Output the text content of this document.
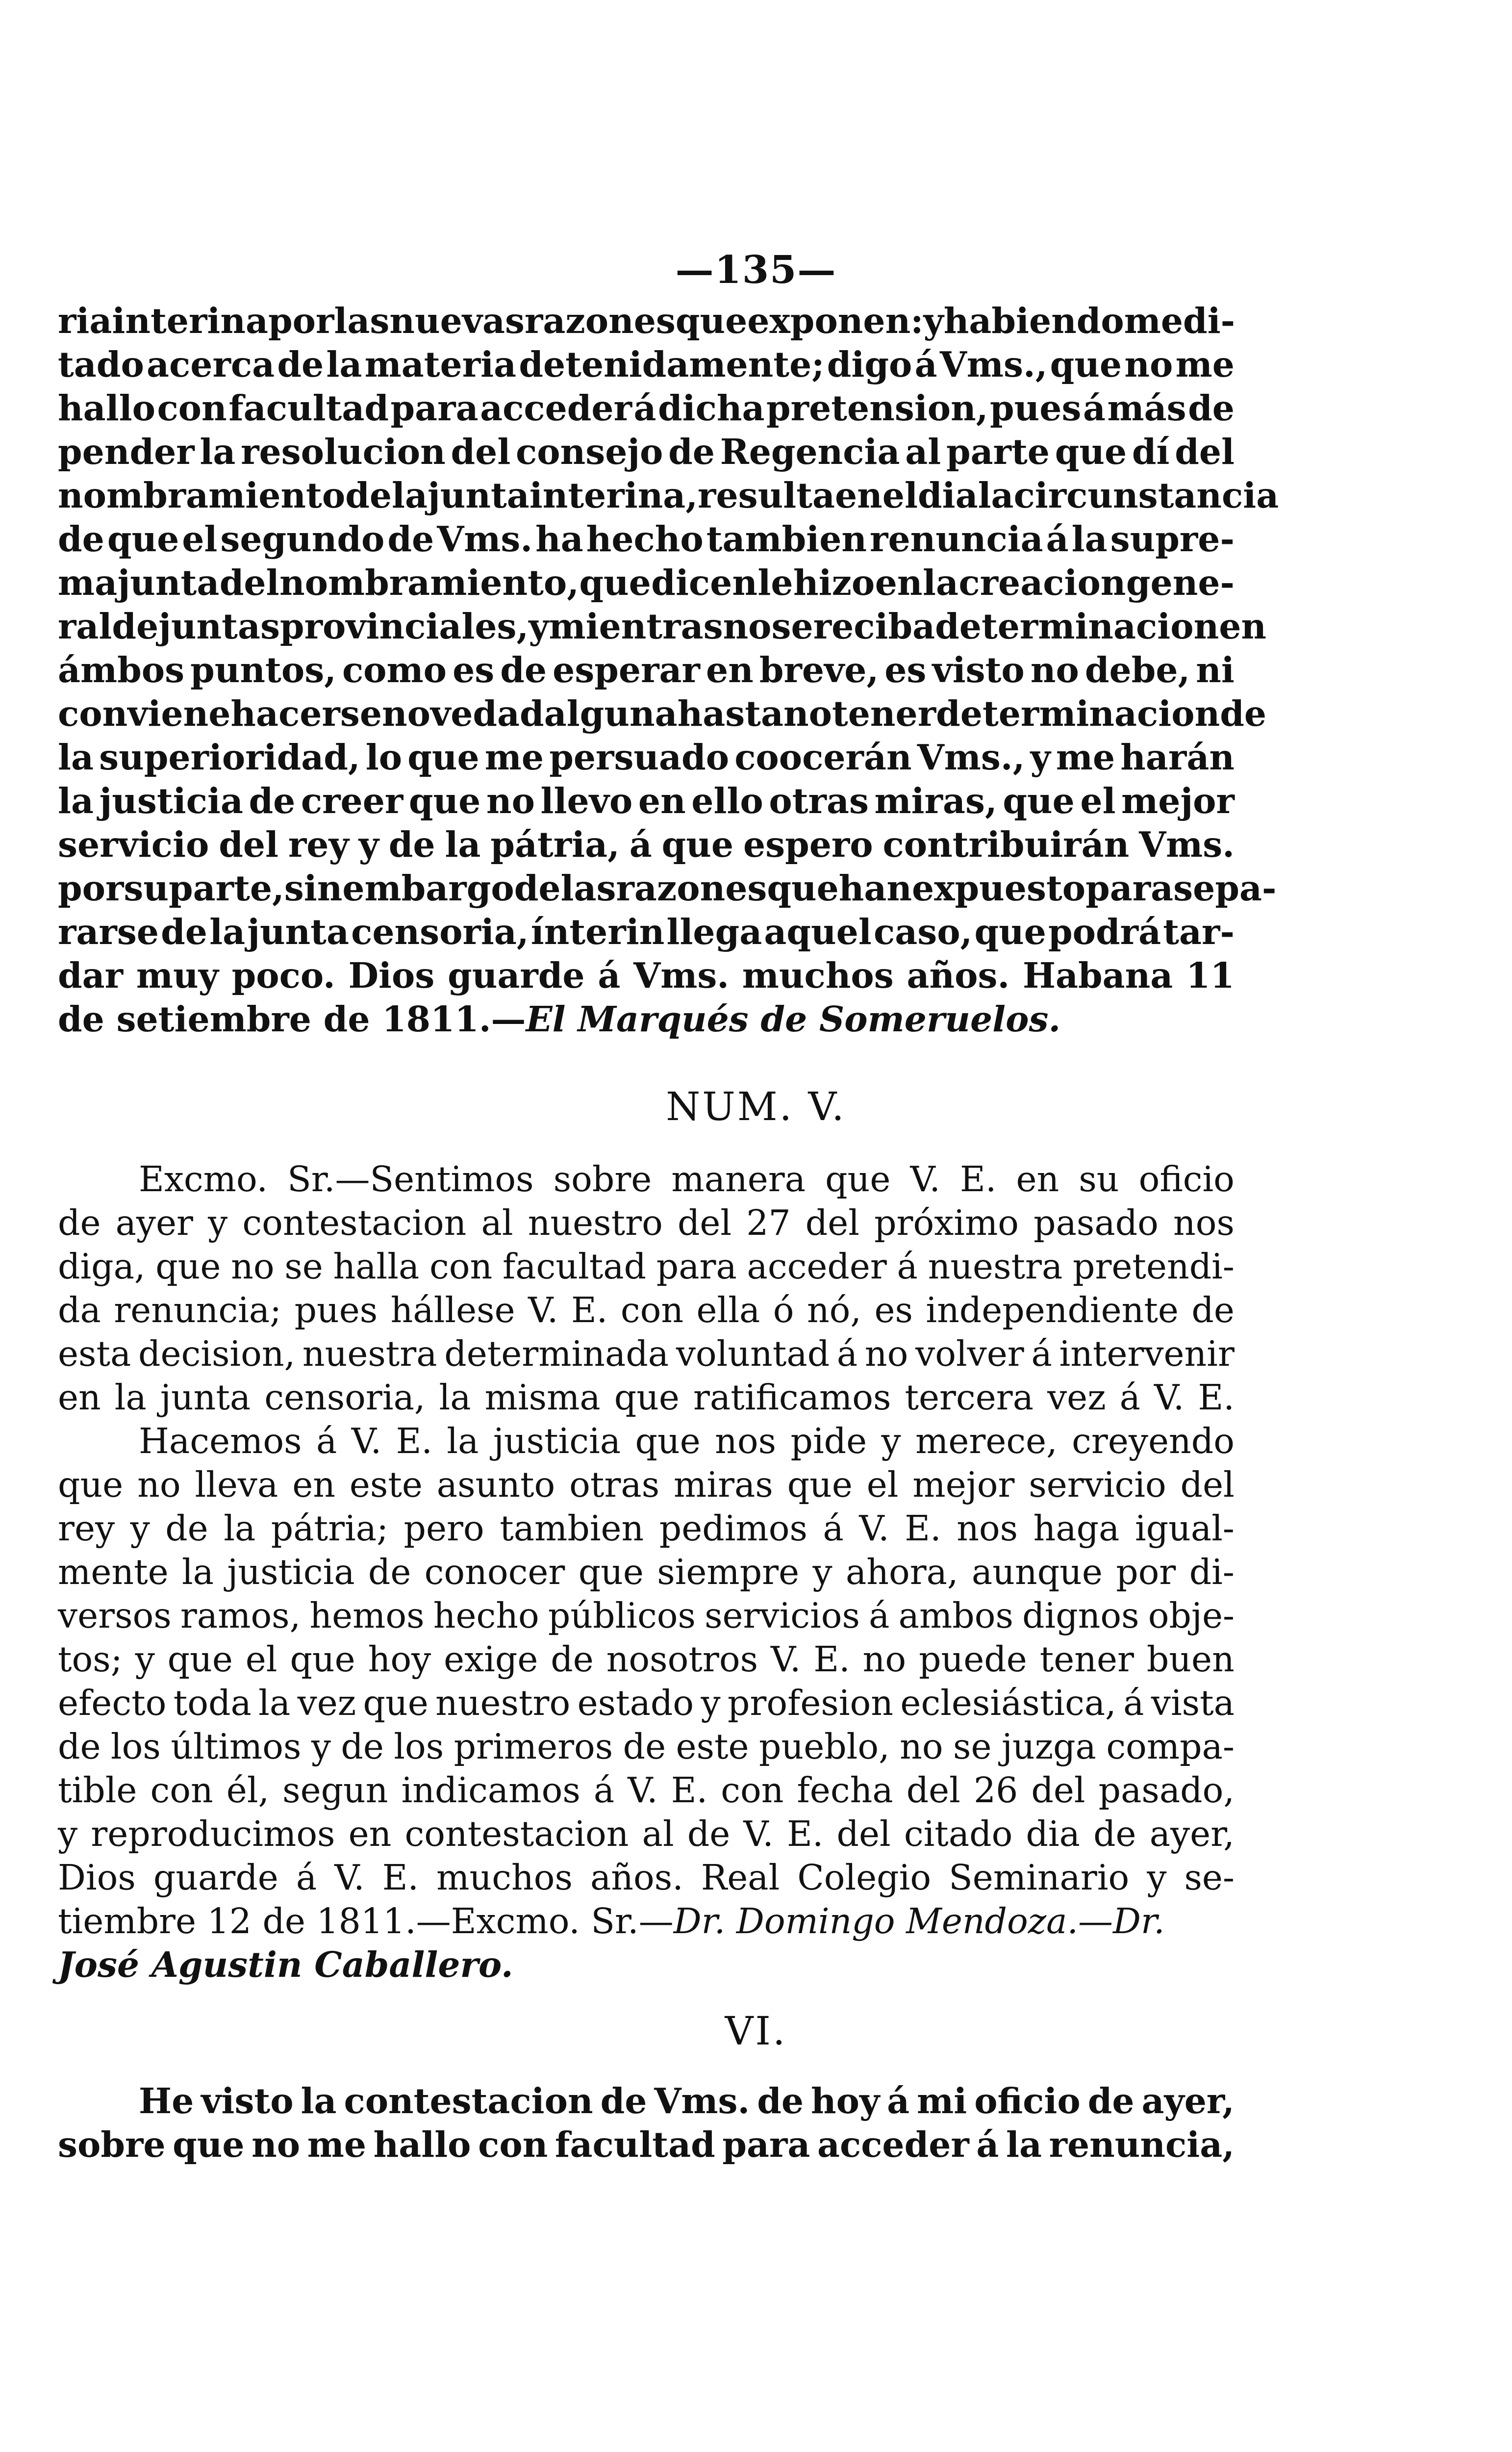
—135—
ria interina por las nuevas razones que exponen: y habiendo medi-
tado acerca de la materia detenidamente; digo á Vms., que no me
hallo con facultad para acceder á dicha pretension, pues á más de
pender la resolucion del consejo de Regencia al parte que dí del
nombramiento de la junta interina, resulta en el dia la circunstancia
de que el segundo de Vms. ha hecho tambien renuncia á la supre-
ma junta del nombramiento, que dicen le hizo en la creacion gene-
ral de juntas provinciales, y mientras no se reciba determinacion en
ámbos puntos, como es de esperar en breve, es visto no debe, ni
conviene hacerse novedad alguna hasta no tener determinacion de
la superioridad, lo que me persuado coocerán Vms., y me harán
la justicia de creer que no llevo en ello otras miras, que el mejor
servicio del rey y de la pátria, á que espero contribuirán Vms.
por su parte, sin embargo de las razones que han expuesto para sepa-
rarse de la junta censoria, ínterin llega aquel caso, que podrá tar-
dar muy poco. Dios guarde á Vms. muchos años. Habana 11
de setiembre de 1811.— El Marqués de Someruelos.
NUM. V.
Excmo. Sr.—Sentimos sobre manera que V. E. en su oficio
de ayer y contestacion al nuestro del 27 del próximo pasado nos
diga, que no se halla con facultad para acceder á nuestra pretendi-
da renuncia; pues hállese V. E. con ella ó nó, es independiente de
esta decision, nuestra determinada voluntad á no volver á intervenir
en la junta censoria, la misma que ratificamos tercera vez á V. E.
Hacemos á V. E. la justicia que nos pide y merece, creyendo
que no lleva en este asunto otras miras que el mejor servicio del
rey y de la pátria; pero tambien pedimos á V. E. nos haga igual-
mente la justicia de conocer que siempre y ahora, aunque por di-
versos ramos, hemos hecho públicos servicios á ambos dignos obje-
tos; y que el que hoy exige de nosotros V. E. no puede tener buen
efecto toda la vez que nuestro estado y profesion eclesiástica, á vista
de los últimos y de los primeros de este pueblo, no se juzga compa-
tible con él, segun indicamos á V. E. con fecha del 26 del pasado,
y reproducimos en contestacion al de V. E. del citado dia de ayer,
Dios guarde á V. E. muchos años. Real Colegio Seminario y se-
tiembre 12 de 1811.—Excmo. Sr.— Dr. Domingo Mendoza.—Dr.
José Agustin Caballero.
VI.
He visto la contestacion de Vms. de hoy á mi oficio de ayer,
sobre que no me hallo con facultad para acceder á la renuncia,
